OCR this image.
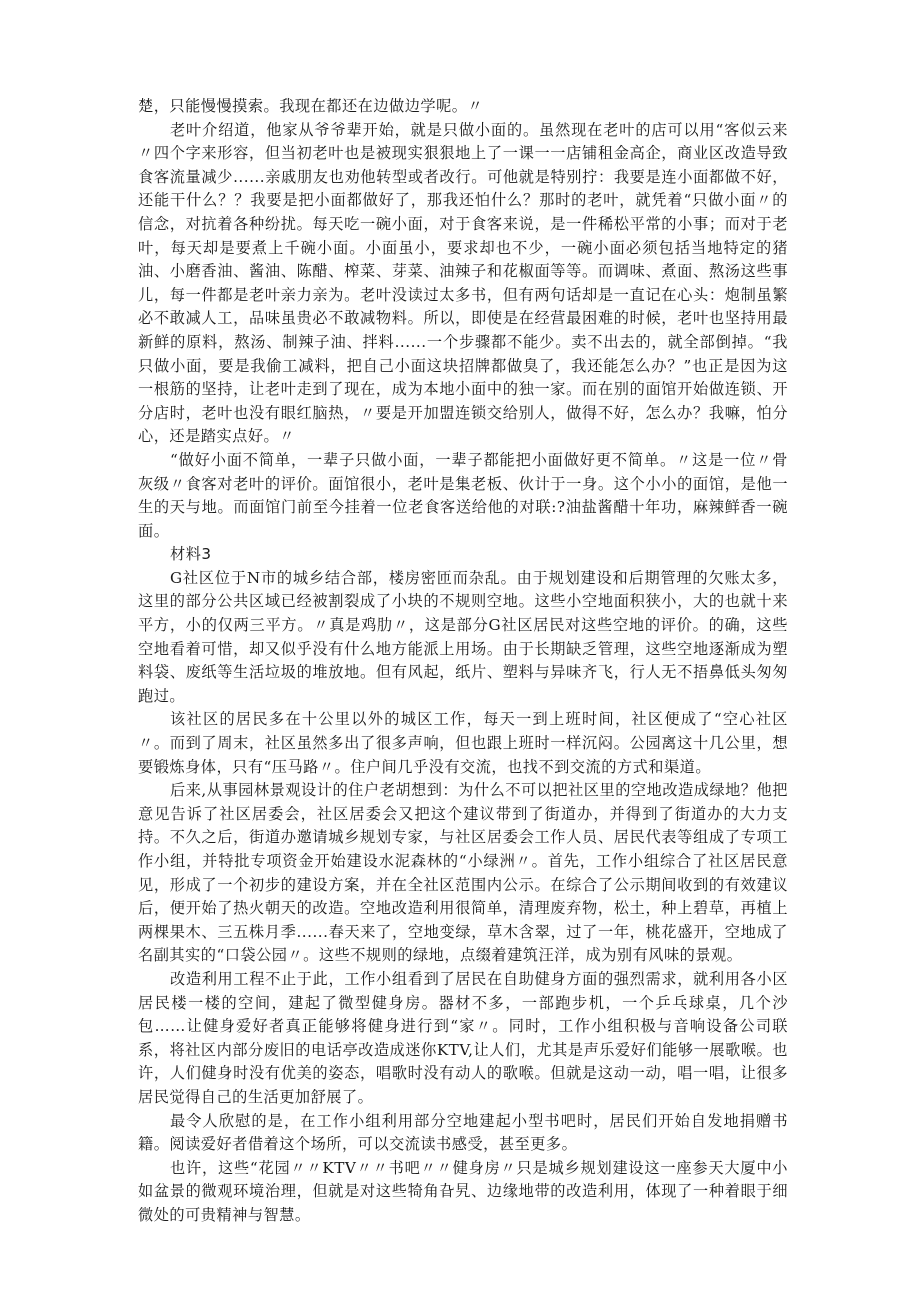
楚，只能慢慢摸索。我现在都还在边做边学呢。〃

老叶介绍道，他家从爷爷辈开始，就是只做小面的。虽然现在老叶的店可以用“客似云来〃四个字来形容，但当初老叶也是被现实狠狠地上了一课一一店铺租金高企，商业区改造导致食客流量减少......亲戚朋友也劝他转型或者改行。可他就是特别拧：我要是连小面都做不好，还能干什么？？我要是把小面都做好了，那我还怕什么？那时的老叶，就凭着“只做小面〃的信念，对抗着各种纷扰。每天吃一碗小面，对于食客来说，是一件稀松平常的小事；而对于老叶，每天却是要煮上千碗小面。小面虽小，要求却也不少，一碗小面必须包括当地特定的猪油、小磨香油、酱油、陈醋、榨菜、芽菜、油辣子和花椒面等等。而调味、煮面、熬汤这些事儿，每一件都是老叶亲力亲为。老叶没读过太多书，但有两句话却是一直记在心头：炮制虽繁必不敢减人工，品味虽贵必不敢减物料。所以，即使是在经营最困难的时候，老叶也坚持用最新鲜的原料，熬汤、制辣子油、拌料......一个步骤都不能少。卖不出去的，就全部倒掉。“我只做小面，要是我偷工减料，把自己小面这块招牌都做臭了，我还能怎么办？”也正是因为这一根筋的坚持，让老叶走到了现在，成为本地小面中的独一家。而在别的面馆开始做连锁、开分店时，老叶也没有眼红脑热，〃要是开加盟连锁交给别人，做得不好，怎么办？我嘛，怕分心，还是踏实点好。〃

“做好小面不简单，一辈子只做小面，一辈子都能把小面做好更不简单。〃这是一位〃骨灰级〃食客对老叶的评价。面馆很小，老叶是集老板、伙计于一身。这个小小的面馆，是他一生的天与地。而面馆门前至今挂着一位老食客送给他的对联:?油盐酱醋十年功，麻辣鲜香一碗面。

材料3

G社区位于N市的城乡结合部，楼房密匝而杂乱。由于规划建设和后期管理的欠账太多，这里的部分公共区域已经被割裂成了小块的不规则空地。这些小空地面积狭小，大的也就十来平方，小的仅两三平方。〃真是鸡肋〃，这是部分G社区居民对这些空地的评价。的确，这些空地看着可惜，却又似乎没有什么地方能派上用场。由于长期缺乏管理，这些空地逐渐成为塑料袋、废纸等生活垃圾的堆放地。但有风起，纸片、塑料与异味齐飞，行人无不捂鼻低头匆匆跑过。

该社区的居民多在十公里以外的城区工作，每天一到上班时间，社区便成了“空心社区〃。而到了周末，社区虽然多出了很多声响，但也跟上班时一样沉闷。公园离这十几公里，想要锻炼身体，只有“压马路〃。住户间几乎没有交流，也找不到交流的方式和渠道。

后来,从事园林景观设计的住户老胡想到：为什么不可以把社区里的空地改造成绿地？他把意见告诉了社区居委会，社区居委会又把这个建议带到了街道办，并得到了街道办的大力支持。不久之后，街道办邀请城乡规划专家，与社区居委会工作人员、居民代表等组成了专项工作小组，并特批专项资金开始建设水泥森林的“小绿洲〃。首先，工作小组综合了社区居民意见，形成了一个初步的建设方案，并在全社区范围内公示。在综合了公示期间收到的有效建议后，便开始了热火朝天的改造。空地改造利用很简单，清理废弃物，松土，种上碧草，再植上两棵果木、三五株月季......春天来了，空地变绿，草木含翠，过了一年，桃花盛开，空地成了名副其实的“口袋公园〃。这些不规则的绿地，点缀着建筑汪洋，成为别有风味的景观。

改造利用工程不止于此，工作小组看到了居民在自助健身方面的强烈需求，就利用各小区居民楼一楼的空间，建起了微型健身房。器材不多，一部跑步机，一个乒乓球桌，几个沙包……让健身爱好者真正能够将健身进行到“家〃。同时，工作小组积极与音响设备公司联系，将社区内部分废旧的电话亭改造成迷你KTV,让人们，尤其是声乐爱好们能够一展歌喉。也许，人们健身时没有优美的姿态，唱歌时没有动人的歌喉。但就是这动一动，唱一唱，让很多居民觉得自己的生活更加舒展了。

最令人欣慰的是，在工作小组利用部分空地建起小型书吧时，居民们开始自发地捐赠书籍。阅读爱好者借着这个场所，可以交流读书感受，甚至更多。

也许，这些“花园〃〃KTV〃〃书吧〃〃健身房〃只是城乡规划建设这一座参天大厦中小如盆景的微观环境治理，但就是对这些犄角旮旯、边缘地带的改造利用，体现了一种着眼于细微处的可贵精神与智慧。
